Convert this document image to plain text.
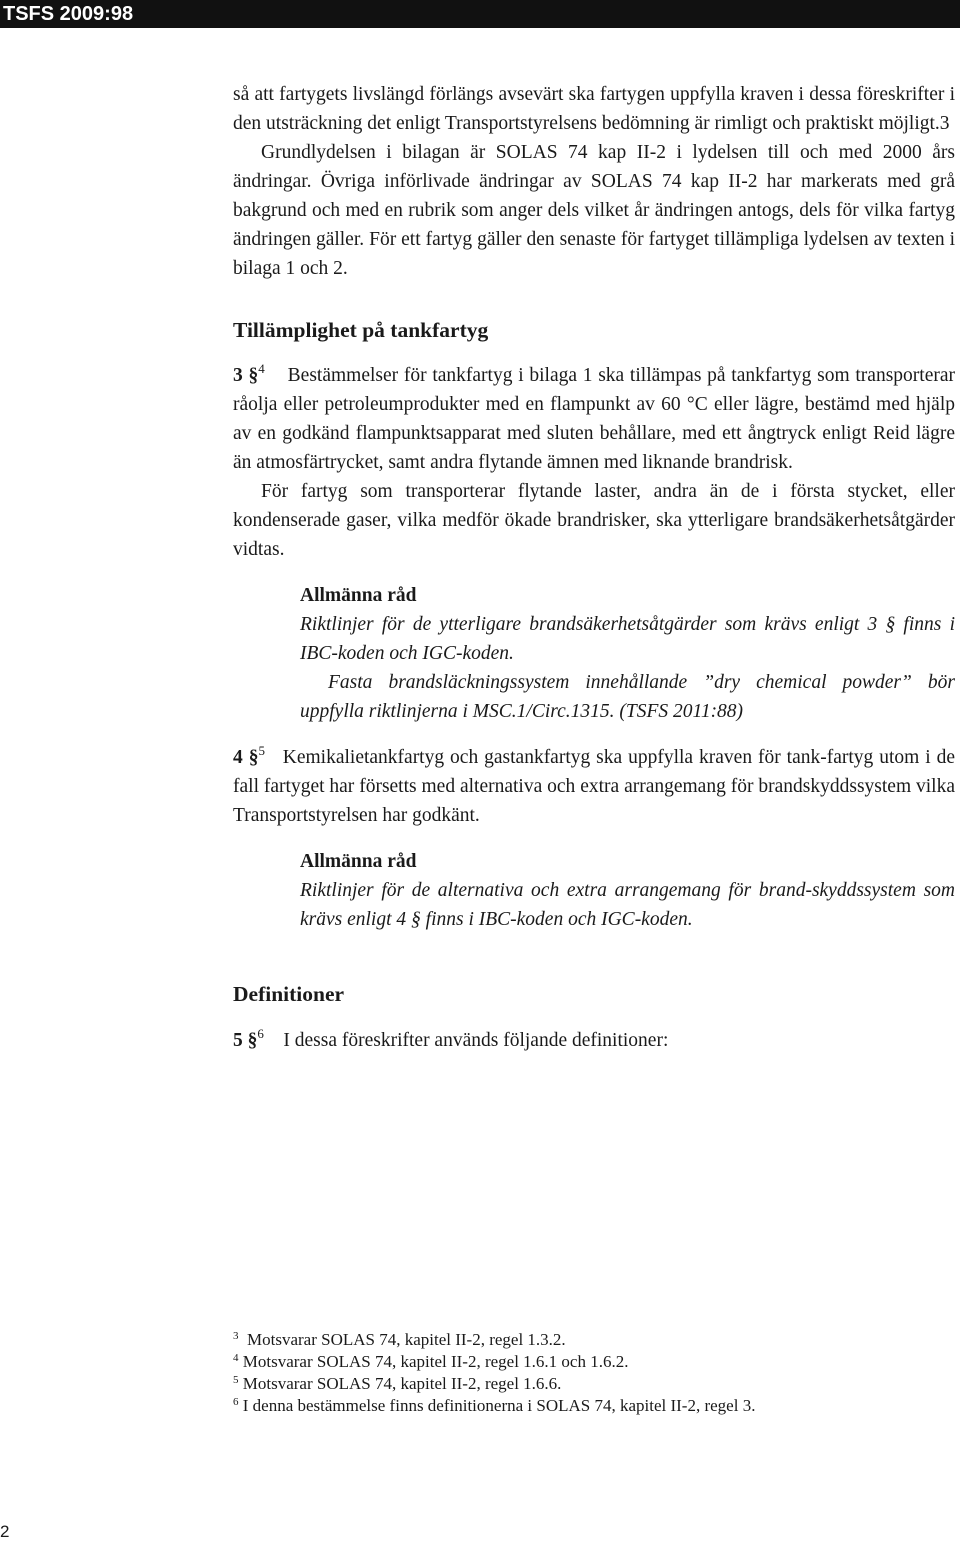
TSFS 2009:98

så att fartygets livslängd förlängs avsevärt ska fartygen uppfylla kraven i dessa föreskrifter i den utsträckning det enligt Transportstyrelsens bedömning är rimligt och praktiskt möjligt.3

Grundlydelsen i bilagan är SOLAS 74 kap II-2 i lydelsen till och med 2000 års ändringar. Övriga införlivade ändringar av SOLAS 74 kap II-2 har markerats med grå bakgrund och med en rubrik som anger dels vilket år ändringen antogs, dels för vilka fartyg ändringen gäller. För ett fartyg gäller den senaste för fartyget tillämpliga lydelsen av texten i bilaga 1 och 2.

Tillämplighet på tankfartyg

3 §$^4$ Bestämmelser för tankfartyg i bilaga 1 ska tillämpas på tankfartyg som transporterar råolja eller petroleumprodukter med en flampunkt av 60 °C eller lägre, bestämd med hjälp av en godkänd flampunktsapparat med sluten behållare, med ett ångtryck enligt Reid lägre än atmosfärtrycket, samt andra flytande ämnen med liknande brandrisk.

För fartyg som transporterar flytande laster, andra än de i första stycket, eller kondenserade gaser, vilka medför ökade brandrisker, ska ytterligare brandsäkerhetsåtgärder vidtas.

Allmänna råd

Riktlinjer för de ytterligare brandsäkerhetsåtgärder som krävs enligt 3 § finns i IBC-koden och IGC-koden.

Fasta brandsläckningssystem innehållande ”dry chemical powder” bör uppfylla riktlinjerna i MSC.1/Circ.1315. (TSFS 2011:88)

4 §$^5$ Kemikalietankfartyg och gastankfartyg ska uppfylla kraven för tank-fartyg utom i de fall fartyget har försetts med alternativa och extra arrangemang för brandskyddssystem vilka Transportstyrelsen har godkänt.

Allmänna råd

Riktlinjer för de alternativa och extra arrangemang för brand-skyddssystem som krävs enligt 4 § finns i IBC-koden och IGC-koden.

Definitioner

5 §$^6$ I dessa föreskrifter används följande definitioner:

$^3$ Motsvarar SOLAS 74, kapitel II-2, regel 1.3.2.
$^4$ Motsvarar SOLAS 74, kapitel II-2, regel 1.6.1 och 1.6.2.
$^5$ Motsvarar SOLAS 74, kapitel II-2, regel 1.6.6.
$^6$ I denna bestämmelse finns definitionerna i SOLAS 74, kapitel II-2, regel 3.
2
